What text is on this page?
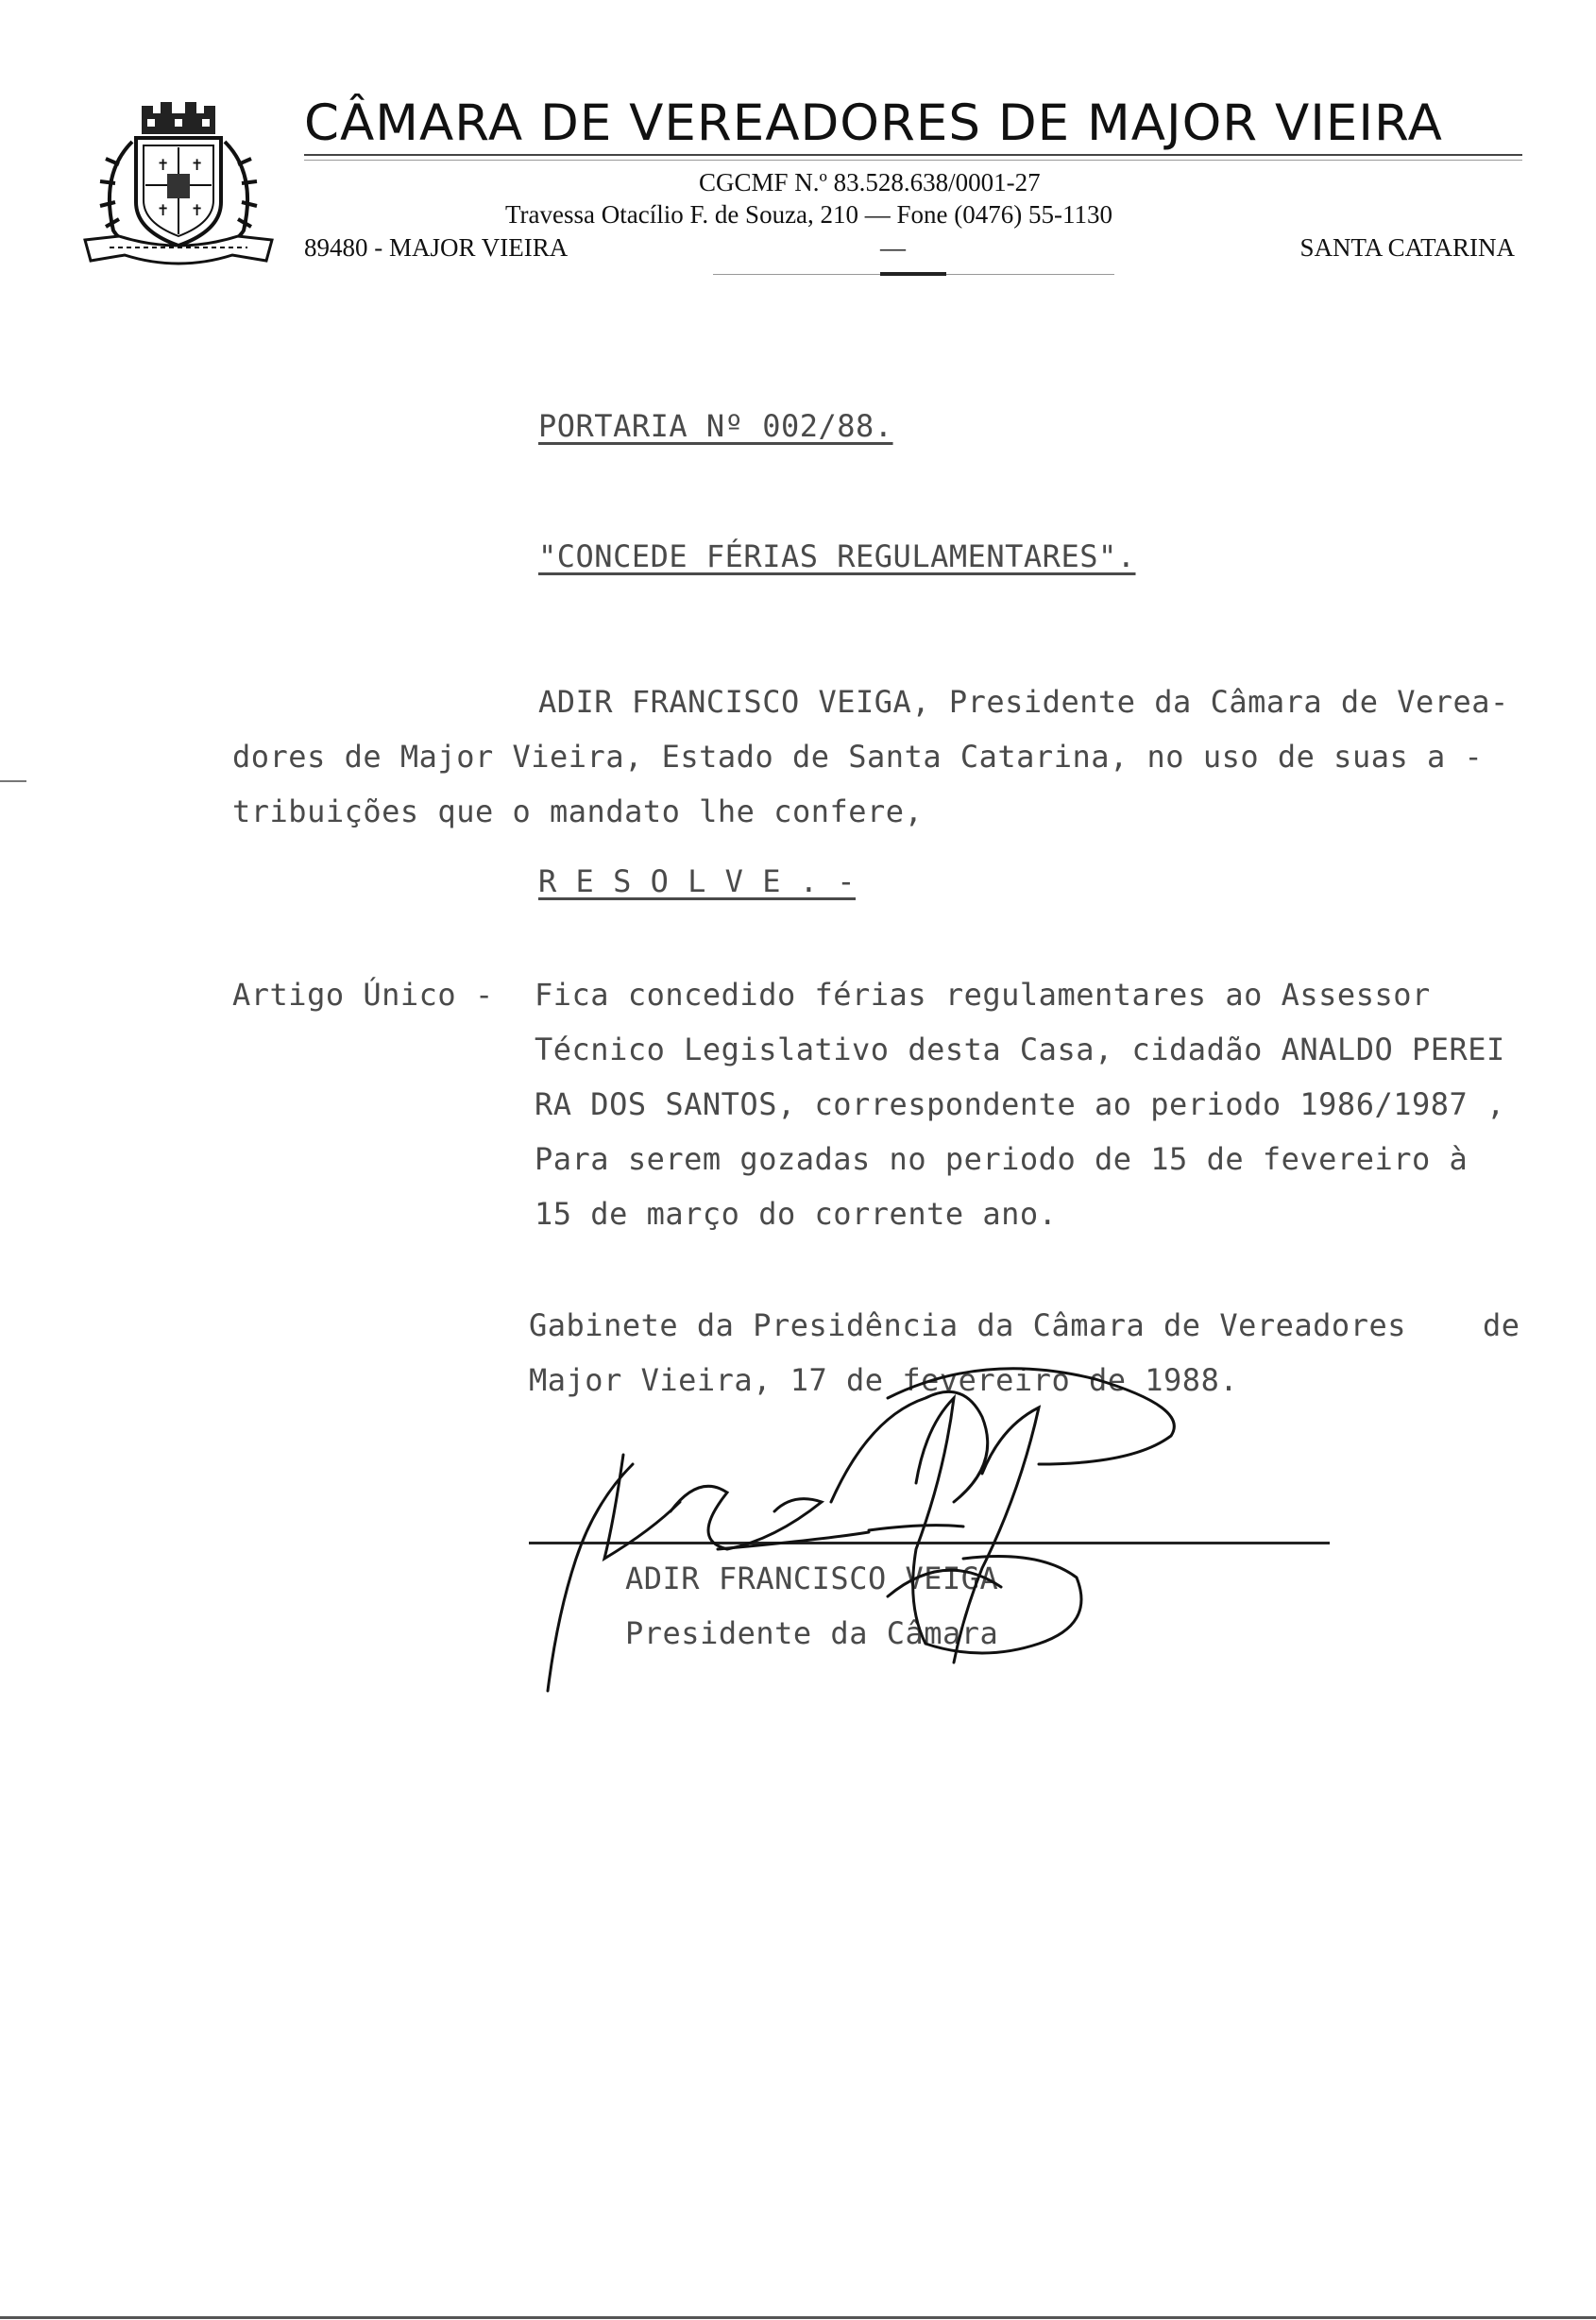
✝ ✝
✝ ✝
CÂMARA DE VEREADORES DE MAJOR VIEIRA
CGCMF N.º 83.528.638/0001-27
Travessa Otacílio F. de Souza, 210 — Fone (0476) 55-1130
89480 - MAJOR VIEIRA	—	SANTA CATARINA
PORTARIA Nº 002/88.
"CONCEDE FÉRIAS REGULAMENTARES".
ADIR FRANCISCO VEIGA, Presidente da Câmara de Verea-
dores de Major Vieira, Estado de Santa Catarina, no uso de suas a -
tribuições que o mandato lhe confere,
R E S O L V E . -
Artigo Único - Fica concedido férias regulamentares ao Assessor
Técnico Legislativo desta Casa, cidadão ANALDO PEREI
RA DOS SANTOS, correspondente ao periodo 1986/1987 ,
Para serem gozadas no periodo de 15 de fevereiro à
15 de março do corrente ano.
Gabinete da Presidência da Câmara de Vereadores	de
Major Vieira, 17 de fevereiro de 1988.
ADIR FRANCISCO VEIGA
Presidente da Câmara
